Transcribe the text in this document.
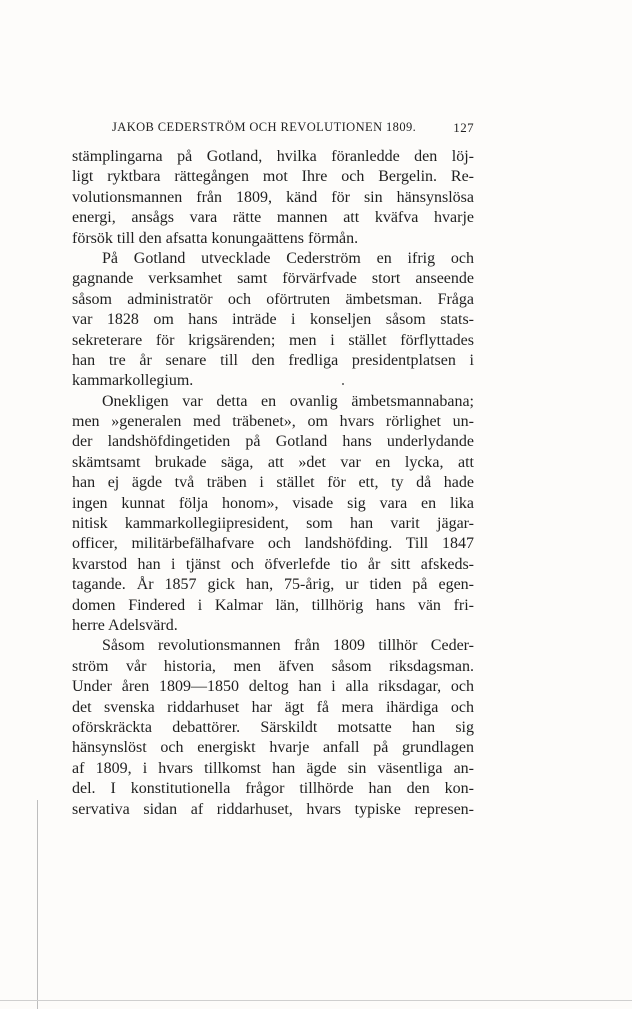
JAKOB CEDERSTRÖM OCH REVOLUTIONEN 1809.	127
stämplingarna på Gotland, hvilka föranledde den löj-
ligt ryktbara rättegången mot Ihre och Bergelin. Re-
volutionsmannen från 1809, känd för sin hänsynslösa
energi, ansågs vara rätte mannen att kväfva hvarje
försök till den afsatta konungaättens förmån.
På Gotland utvecklade Cederström en ifrig och
gagnande verksamhet samt förvärfvade stort anseende
såsom administratör och oförtruten ämbetsman. Fråga
var 1828 om hans inträde i konseljen såsom stats-
sekreterare för krigsärenden; men i stället förflyttades
han tre år senare till den fredliga presidentplatsen i
kammarkollegium.
Onekligen var detta en ovanlig ämbetsmannabana;
men »generalen med träbenet», om hvars rörlighet un-
der landshöfdingetiden på Gotland hans underlydande
skämtsamt brukade säga, att »det var en lycka, att
han ej ägde två träben i stället för ett, ty då hade
ingen kunnat följa honom», visade sig vara en lika
nitisk kammarkollegiipresident, som han varit jägar-
officer, militärbefälhafvare och landshöfding. Till 1847
kvarstod han i tjänst och öfverlefde tio år sitt afskeds-
tagande. År 1857 gick han, 75-årig, ur tiden på egen-
domen Findered i Kalmar län, tillhörig hans vän fri-
herre Adelsvärd.
Såsom revolutionsmannen från 1809 tillhör Ceder-
ström vår historia, men äfven såsom riksdagsman.
Under åren 1809—1850 deltog han i alla riksdagar, och
det svenska riddarhuset har ägt få mera ihärdiga och
oförskräckta debattörer. Särskildt motsatte han sig
hänsynslöst och energiskt hvarje anfall på grundlagen
af 1809, i hvars tillkomst han ägde sin väsentliga an-
del. I konstitutionella frågor tillhörde han den kon-
servativa sidan af riddarhuset, hvars typiske represen-
